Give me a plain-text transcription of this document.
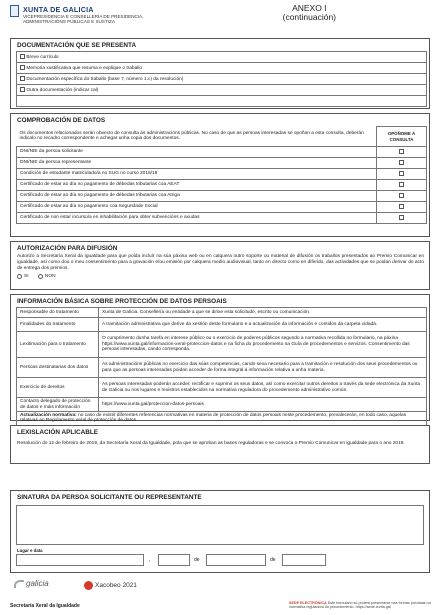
XUNTA DE GALICIA
VICEPRESIDENCIA E CONSELLERÍA DE PRESIDENCIA,
ADMINISTRACIÓNS PÚBLICAS E XUSTIZA
ANEXO I
(continuación)
DOCUMENTACIÓN QUE SE PRESENTA
Breve currículo
Memoria xustificativa que resuma e explique o traballo
Documentación específica do traballo (base 7, número 1.c) da resolución)
Outra documentación (indicar cal)

COMPROBACIÓN DE DATOS
Os documentos relacionados serán obxecto de consulta ás administracións públicas. No caso de que as persoas interesadas se opoñan a esta consulta, deberán indicalo no recadro correspondente e achegar unha copia dos documentos.	OPÓÑOME Á CONSULTA
DNI/NIE da persoa solicitante	
DNI/NIE da persoa representante	
Condición de estudante matriculado/a no SUG no curso 2018/19	
Certificado de estar ao día no pagamento de débedas tributarias coa AEAT	
Certificado de estar ao día no pagamento de débedas tributarias coa Atriga	
Certificado de estar ao día no pagamento coa Seguridade Social	
Certificado de non estar incurso/a en inhabilitación para obter subvencións e axudas	
AUTORIZACIÓN PARA DIFUSIÓN
Autorizo a Secretaría Xeral da Igualdade para que poida incluír na súa páxina web ou en calquera outro soporte ou material de difusión os traballos presentados ao Premio Comunicar en igualdade, así como dou o meu consentimento para a gravación e/ou emisión por calquera medio audiovisual, tanto en directo como en diferido, das actividades que se poidan derivar do acto de entrega dos premios.
SI	NON
INFORMACIÓN BÁSICA SOBRE PROTECCIÓN DE DATOS PERSOAIS
Responsable do tratamento	Xunta de Galicia. Consellería ou entidade a que se dirixe esta solicitude, escrito ou comunicación.
Finalidades do tratamento	A tramitación administrativa que derive da xestión deste formulario e a actualización da información e contidos da carpeta cidadá.
Lexitimación para o tratamento	O cumprimento dunha tarefa en interese público ou o exercicio de poderes públicos segundo a normativa recollida no formulario, na páxina https://www.xunta.gal/informacion-xeral-proteccion-datos e na ficha do procedemento na Guía de procedementos e servizos. Consentimento das persoas interesadas, cando corresponda.
Persoas destinatarias dos datos	As administracións públicas no exercicio das súas competencias, cando sexa necesario para a tramitación e resolución dos seus procedementos ou para que as persoas interesadas poidan acceder de forma integral á información relativa a unha materia.
Exercicio de dereitos	As persoas interesadas poderán acceder, rectificar e suprimir os seus datos, así como exercitar outros dereitos a través da sede electrónica da Xunta de Galicia ou nos lugares e rexistros establecidos na normativa reguladora do procedemento administrativo común.
Contacto delegado de protección de datos e máis información	https://www.xunta.gal/proteccion-datos-persoais
Actualización normativa: no caso de existir diferentes referencias normativas en materia de protección de datos persoais neste procedemento, prevalecerán, en todo caso, aquelas relativas ao Regulamento xeral de protección de datos.	
LEXISLACIÓN APLICABLE
Resolución do 12 de febreiro de 2019, da Secretaría Xeral da Igualdade, pola que se aproban as bases reguladoras e se convoca o Premio Comunicar en igualdade para o ano 2019.
SINATURA DA PERSOA SOLICITANTE OU REPRESENTANTE
Lugar e data
,	de	de
galicia	Xacobeo 2021
Secretaría Xeral da Igualdade	SEDE ELECTRÓNICA Este formulario só poderá presentarse nas formas previstas na normativa reguladora do procedemento. https://sede.xunta.gal
